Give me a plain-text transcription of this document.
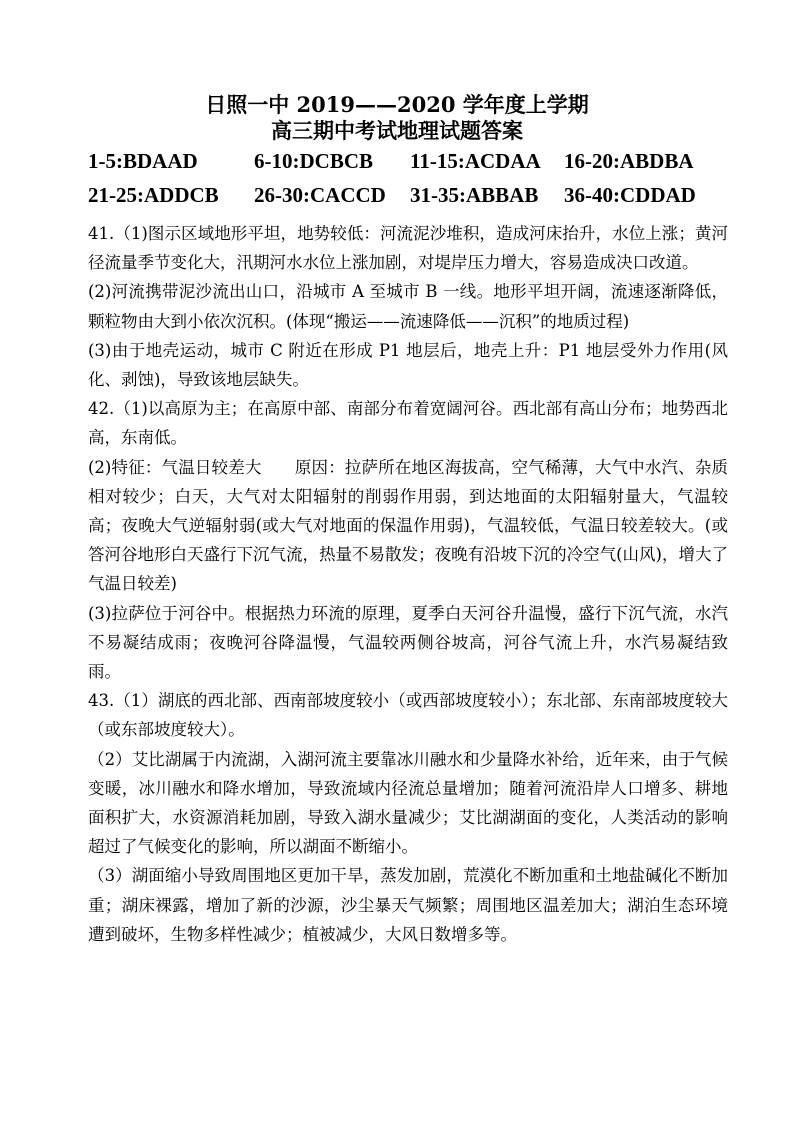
日照一中 2019——2020 学年度上学期
高三期中考试地理试题答案
1-5:BDAAD	6-10:DCBCB 11-15:ACDAA 16-20:ABDBA
21-25:ADDCB 26-30:CACCD 31-35:ABBAB 36-40:CDDAD

41.（1)图示区域地形平坦，地势较低：河流泥沙堆积，造成河床抬升，水位上涨；黄河径流量季节变化大，汛期河水水位上涨加剧，对堤岸压力增大，容易造成决口改道。

(2)河流携带泥沙流出山口，沿城市 A 至城市 B 一线。地形平坦开阔，流速逐渐降低，颗粒物由大到小依次沉积。(体现“搬运——流速降低——沉积”的地质过程)

(3)由于地壳运动，城市 C 附近在形成 P1 地层后，地壳上升：P1 地层受外力作用(风化、剥蚀)，导致该地层缺失。

42.（1)以高原为主；在高原中部、南部分布着宽阔河谷。西北部有高山分布；地势西北高，东南低。

(2)特征：气温日较差大　　原因：拉萨所在地区海拔高，空气稀薄，大气中水汽、杂质相对较少；白天，大气对太阳辐射的削弱作用弱，到达地面的太阳辐射量大，气温较高；夜晚大气逆辐射弱(或大气对地面的保温作用弱)，气温较低，气温日较差较大。(或答河谷地形白天盛行下沉气流，热量不易散发；夜晚有沿坡下沉的冷空气(山风)，增大了气温日较差)

(3)拉萨位于河谷中。根据热力环流的原理，夏季白天河谷升温慢，盛行下沉气流，水汽不易凝结成雨；夜晚河谷降温慢，气温较两侧谷坡高，河谷气流上升，水汽易凝结致雨。

43.（1）湖底的西北部、西南部坡度较小（或西部坡度较小）；东北部、东南部坡度较大（或东部坡度较大）。

（2）艾比湖属于内流湖，入湖河流主要靠冰川融水和少量降水补给，近年来，由于气候变暖，冰川融水和降水增加，导致流域内径流总量增加；随着河流沿岸人口增多、耕地面积扩大，水资源消耗加剧，导致入湖水量减少；艾比湖湖面的变化，人类活动的影响超过了气候变化的影响，所以湖面不断缩小。

（3）湖面缩小导致周围地区更加干旱，蒸发加剧，荒漠化不断加重和土地盐碱化不断加重；湖床裸露，增加了新的沙源，沙尘暴天气频繁；周围地区温差加大；湖泊生态环境遭到破坏，生物多样性减少；植被减少，大风日数增多等。
